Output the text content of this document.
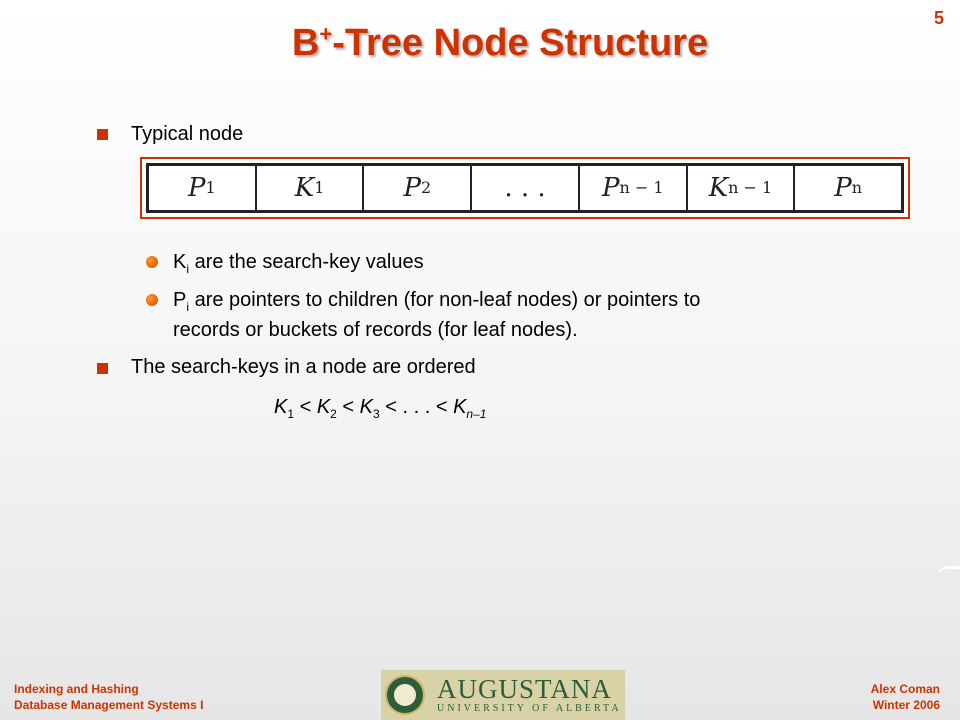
5
B+-Tree Node Structure
Typical node
P 1	K 1	P 2	. . . P n − 1 K n − 1 P n
$K_i$ are the search-key values
$P_i$ are pointers to children (for non-leaf nodes) or pointers to
records or buckets of records (for leaf nodes).
The search-keys in a node are ordered
$K_1 < K_2 < K_3$ < . . . < $K_{n-1}$
Indexing and Hashing
Database Management Systems I
AUGUSTANA
UNIVERSITY OF ALBERTA
Alex Coman
Winter 2006
